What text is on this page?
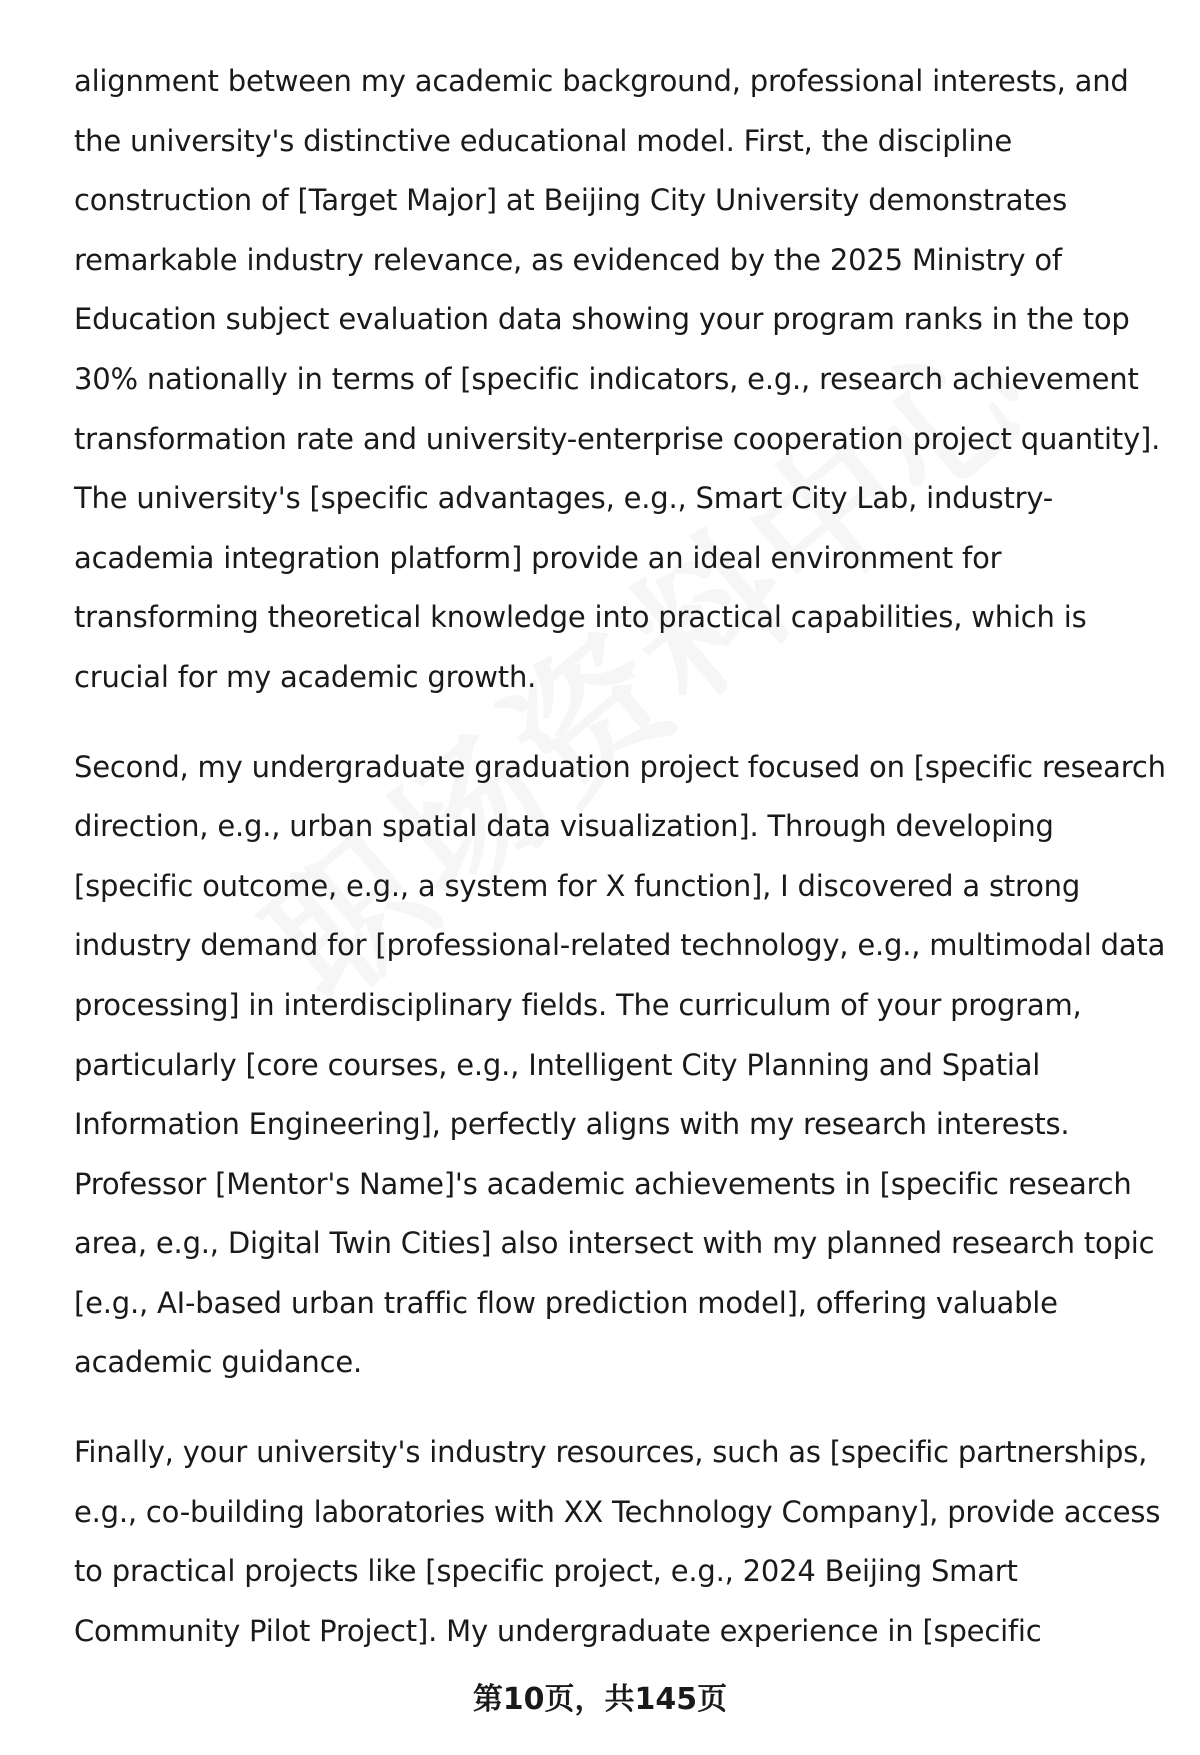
alignment between my academic background, professional interests, and
the university's distinctive educational model. First, the discipline
construction of [Target Major] at Beijing City University demonstrates
remarkable industry relevance, as evidenced by the 2025 Ministry of
Education subject evaluation data showing your program ranks in the top
30% nationally in terms of [specific indicators, e.g., research achievement
transformation rate and university-enterprise cooperation project quantity].
The university's [specific advantages, e.g., Smart City Lab, industry-
academia integration platform] provide an ideal environment for
transforming theoretical knowledge into practical capabilities, which is
crucial for my academic growth.

Second, my undergraduate graduation project focused on [specific research
direction, e.g., urban spatial data visualization]. Through developing
[specific outcome, e.g., a system for X function], I discovered a strong
industry demand for [professional-related technology, e.g., multimodal data
processing] in interdisciplinary fields. The curriculum of your program,
particularly [core courses, e.g., Intelligent City Planning and Spatial
Information Engineering], perfectly aligns with my research interests.
Professor [Mentor's Name]'s academic achievements in [specific research
area, e.g., Digital Twin Cities] also intersect with my planned research topic
[e.g., AI-based urban traffic flow prediction model], offering valuable
academic guidance.

Finally, your university's industry resources, such as [specific partnerships,
e.g., co-building laboratories with XX Technology Company], provide access
to practical projects like [specific project, e.g., 2024 Beijing Smart
Community Pilot Project]. My undergraduate experience in [specific

第10页，共145页
